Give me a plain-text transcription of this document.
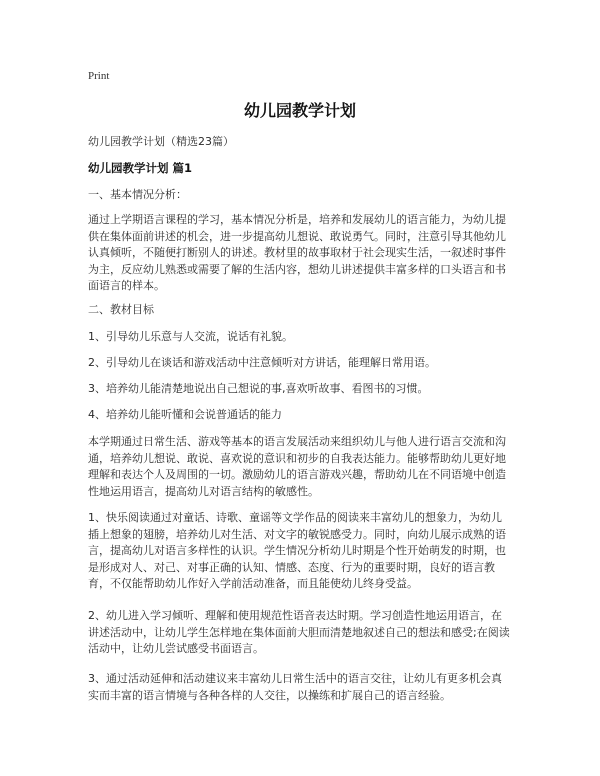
Print
幼儿园教学计划
幼儿园教学计划（精选23篇）
幼儿园教学计划 篇1
一、基本情况分析：
通过上学期语言课程的学习，基本情况分析是，培养和发展幼儿的语言能力，为幼儿提供在集体面前讲述的机会，进一步提高幼儿想说、敢说勇气。同时，注意引导其他幼儿认真倾听，不随便打断别人的讲述。教材里的故事取材于社会现实生活，一叙述时事件为主，反应幼儿熟悉或需要了解的生活内容，想幼儿讲述提供丰富多样的口头语言和书面语言的样本。
二、教材目标
1、引导幼儿乐意与人交流，说话有礼貌。
2、引导幼儿在谈话和游戏活动中注意倾听对方讲话，能理解日常用语。
3、培养幼儿能清楚地说出自己想说的事,喜欢听故事、看图书的习惯。
4、培养幼儿能听懂和会说普通话的能力
本学期通过日常生活、游戏等基本的语言发展活动来组织幼儿与他人进行语言交流和沟通，培养幼儿想说、敢说、喜欢说的意识和初步的自我表达能力。能够帮助幼儿更好地理解和表达个人及周围的一切。激励幼儿的语言游戏兴趣，帮助幼儿在不同语境中创造性地运用语言，提高幼儿对语言结构的敏感性。
1、快乐阅读通过对童话、诗歌、童谣等文学作品的阅读来丰富幼儿的想象力，为幼儿插上想象的翅膀，培养幼儿对生活、对文字的敏锐感受力。同时，向幼儿展示成熟的语言，提高幼儿对语言多样性的认识。学生情况分析幼儿时期是个性开始萌发的时期，也是形成对人、对己、对事正确的认知、情感、态度、行为的重要时期，良好的语言教育，不仅能帮助幼儿作好入学前活动准备，而且能使幼儿终身受益。
2、幼儿进入学习倾听、理解和使用规范性语音表达时期。学习创造性地运用语言，在讲述活动中，让幼儿学生怎样地在集体面前大胆而清楚地叙述自己的想法和感受;在阅读活动中，让幼儿尝试感受书面语言。
3、通过活动延伸和活动建议来丰富幼儿日常生活中的语言交往，让幼儿有更多机会真实而丰富的语言情境与各种各样的人交往，以操练和扩展自己的语言经验。
